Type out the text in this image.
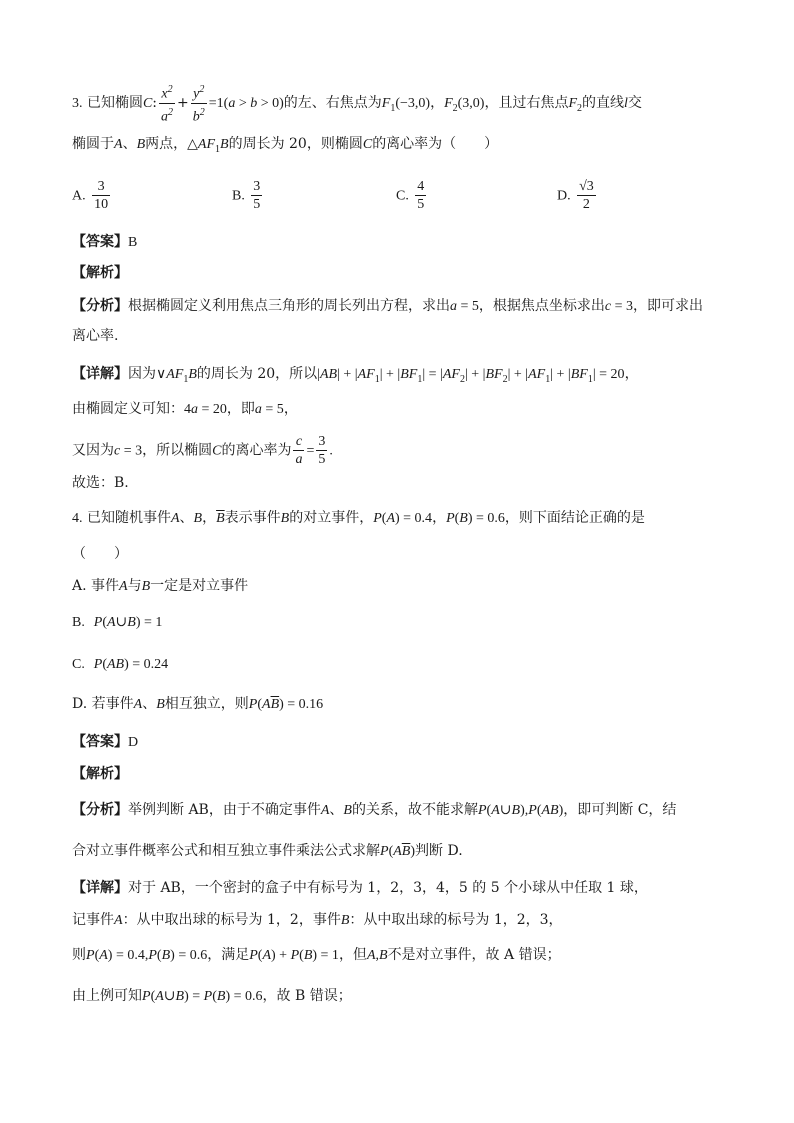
3. 已知椭圆C: $\frac{x^2}{a^2} + \frac{y^2}{b^2} =1(a > b > 0)$的左、右焦点为$F_1(-3,0)$，$F_2(3,0)$，且过右焦点$F_2$的直线l交
椭圆于A、B两点，$\triangle AF_1B$的周长为 20，则椭圆C的离心率为（　　）
A. $\frac{3}{10}$	B. $\frac{3}{5}$	C. $\frac{4}{5}$	D. $\frac{√3}{2}$
【答案】B
【解析】
【分析】根据椭圆定义利用焦点三角形的周长列出方程，求出a = 5，根据焦点坐标求出c = 3，即可求出
离心率.
【详解】因为$\vee AF_1B$的周长为 20，所以$|AB| + |AF_1| + |BF_1| = |AF_2| + |BF_2| + |AF_1| + |BF_1| = 20$，
由椭圆定义可知：4a = 20，即a = 5，
又因为c = 3，所以椭圆C的离心率为 $\frac{c}{a} = \frac{3}{5}$ .
故选：B.
4. 已知随机事件A、B，$\overline{B}$表示事件B的对立事件，P(A) = 0.4，P(B) = 0.6，则下面结论正确的是
（　　）
A. 事件A与B一定是对立事件
B. P(A∪B) = 1
C. P(AB) = 0.24
D. 若事件A、B相互独立，则$P(A\overline{B}) = 0.16$
【答案】D
【解析】
【分析】举例判断 AB，由于不确定事件A、B的关系，故不能求解P(A∪B),P(AB)，即可判断 C，结
合对立事件概率公式和相互独立事件乘法公式求解$P(A\overline{B})$判断 D.
【详解】对于 AB，一个密封的盒子中有标号为 1，2，3，4，5 的 5 个小球从中任取 1 球，
记事件A：从中取出球的标号为 1，2，事件B：从中取出球的标号为 1，2，3，
则P(A) = 0.4,P(B) = 0.6，满足P(A) + P(B) = 1，但A,B不是对立事件，故 A 错误；
由上例可知P(A∪B) = P(B) = 0.6，故 B 错误；
